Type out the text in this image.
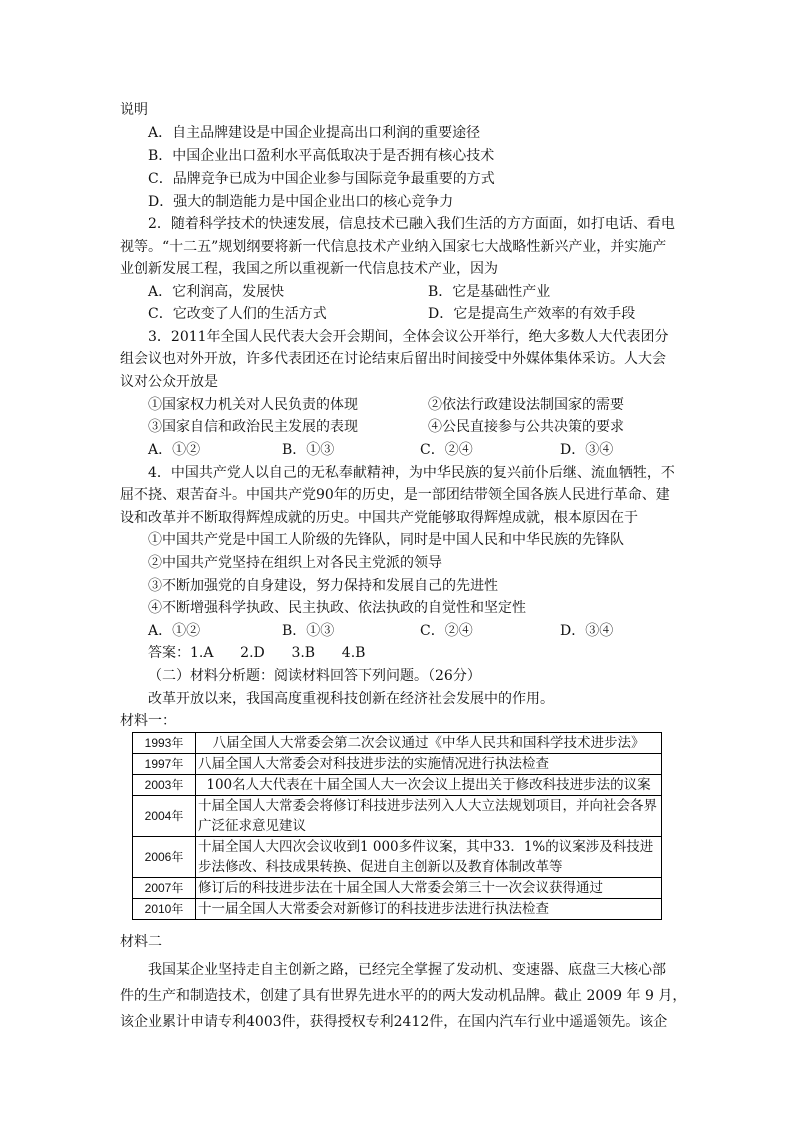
说明
A．自主品牌建设是中国企业提高出口利润的重要途径
B．中国企业出口盈利水平高低取决于是否拥有核心技术
C．品牌竞争已成为中国企业参与国际竞争最重要的方式
D．强大的制造能力是中国企业出口的核心竞争力
2．随着科学技术的快速发展，信息技术已融入我们生活的方方面面，如打电话、看电
视等。“十二五”规划纲要将新一代信息技术产业纳入国家七大战略性新兴产业，并实施产
业创新发展工程，我国之所以重视新一代信息技术产业，因为
A．它利润高，发展快	B．它是基础性产业
C．它改变了人们的生活方式	D．它是提高生产效率的有效手段
3．2011年全国人民代表大会开会期间，全体会议公开举行，绝大多数人大代表团分
组会议也对外开放，许多代表团还在讨论结束后留出时间接受中外媒体集体采访。人大会
议对公众开放是
①国家权力机关对人民负责的体现	②依法行政建设法制国家的需要
③国家自信和政治民主发展的表现	④公民直接参与公共决策的要求
A．①②	B．①③	C．②④	D．③④
4．中国共产党人以自己的无私奉献精神，为中华民族的复兴前仆后继、流血牺牲，不
屈不挠、艰苦奋斗。中国共产党90年的历史，是一部团结带领全国各族人民进行革命、建
设和改革并不断取得辉煌成就的历史。中国共产党能够取得辉煌成就，根本原因在于
①中国共产党是中国工人阶级的先锋队，同时是中国人民和中华民族的先锋队
②中国共产党坚持在组织上对各民主党派的领导
③不断加强党的自身建设，努力保持和发展自己的先进性
④不断增强科学执政、民主执政、依法执政的自觉性和坚定性
A．①②	B．①③	C．②④	D．③④
答案：1.A      2.D      3.B      4.B
（二）材料分析题：阅读材料回答下列问题。（26分）
改革开放以来，我国高度重视科技创新在经济社会发展中的作用。
材料一：
1993年	八届全国人大常委会第二次会议通过《中华人民共和国科学技术进步法》
1997年	八届全国人大常委会对科技进步法的实施情况进行执法检查
2003年	100名人大代表在十届全国人大一次会议上提出关于修改科技进步法的议案
2004年	十届全国人大常委会将修订科技进步法列入人大立法规划项目，并向社会各界广泛征求意见建议
2006年	十届全国人大四次会议收到1 000多件议案，其中33．1%的议案涉及科技进步法修改、科技成果转换、促进自主创新以及教育体制改革等
2007年	修订后的科技进步法在十届全国人大常委会第三十一次会议获得通过
2010年	十一届全国人大常委会对新修订的科技进步法进行执法检查
材料二
我国某企业坚持走自主创新之路，已经完全掌握了发动机、变速器、底盘三大核心部
件的生产和制造技术，创建了具有世界先进水平的的两大发动机品牌。截止 2009 年 9 月，
该企业累计申请专利4003件，获得授权专利2412件，在国内汽车行业中遥遥领先。该企
